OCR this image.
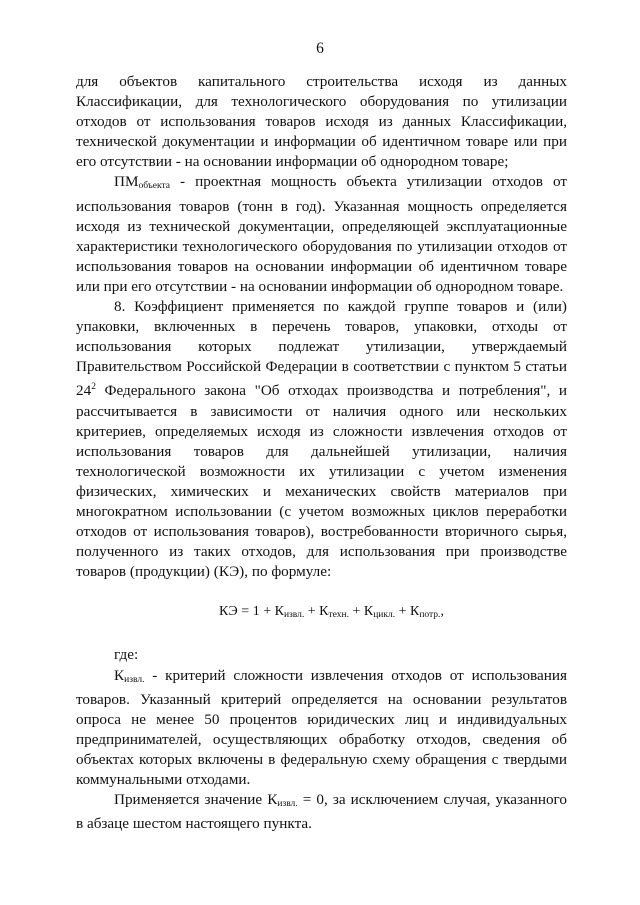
6

для объектов капитального строительства исходя из данных Классификации, для технологического оборудования по утилизации отходов от использования товаров исходя из данных Классификации, технической документации и информации об идентичном товаре или при его отсутствии - на основании информации об однородном товаре;

$ПМ_{объекта}$ - проектная мощность объекта утилизации отходов от использования товаров (тонн в год). Указанная мощность определяется исходя из технической документации, определяющей эксплуатационные характеристики технологического оборудования по утилизации отходов от использования товаров на основании информации об идентичном товаре или при его отсутствии - на основании информации об однородном товаре.

8. Коэффициент применяется по каждой группе товаров и (или) упаковки, включенных в перечень товаров, упаковки, отходы от использования которых подлежат утилизации, утверждаемый Правительством Российской Федерации в соответствии с пунктом 5 статьи $24^2$ Федерального закона "Об отходах производства и потребления", и рассчитывается в зависимости от наличия одного или нескольких критериев, определяемых исходя из сложности извлечения отходов от использования товаров для дальнейшей утилизации, наличия технологической возможности их утилизации с учетом изменения физических, химических и механических свойств материалов при многократном использовании (с учетом возможных циклов переработки отходов от использования товаров), востребованности вторичного сырья, полученного из таких отходов, для использования при производстве товаров (продукции) (КЭ), по формуле:

КЭ = $1 + К_{извл.} + К_{техн.} + К_{цикл.} + К_{потр.}$,

где:

$К_{извл.}$ - критерий сложности извлечения отходов от использования товаров. Указанный критерий определяется на основании результатов опроса не менее 50 процентов юридических лиц и индивидуальных предпринимателей, осуществляющих обработку отходов, сведения об объектах которых включены в федеральную схему обращения с твердыми коммунальными отходами.

Применяется значение $К_{извл.} = 0$, за исключением случая, указанного в абзаце шестом настоящего пункта.
